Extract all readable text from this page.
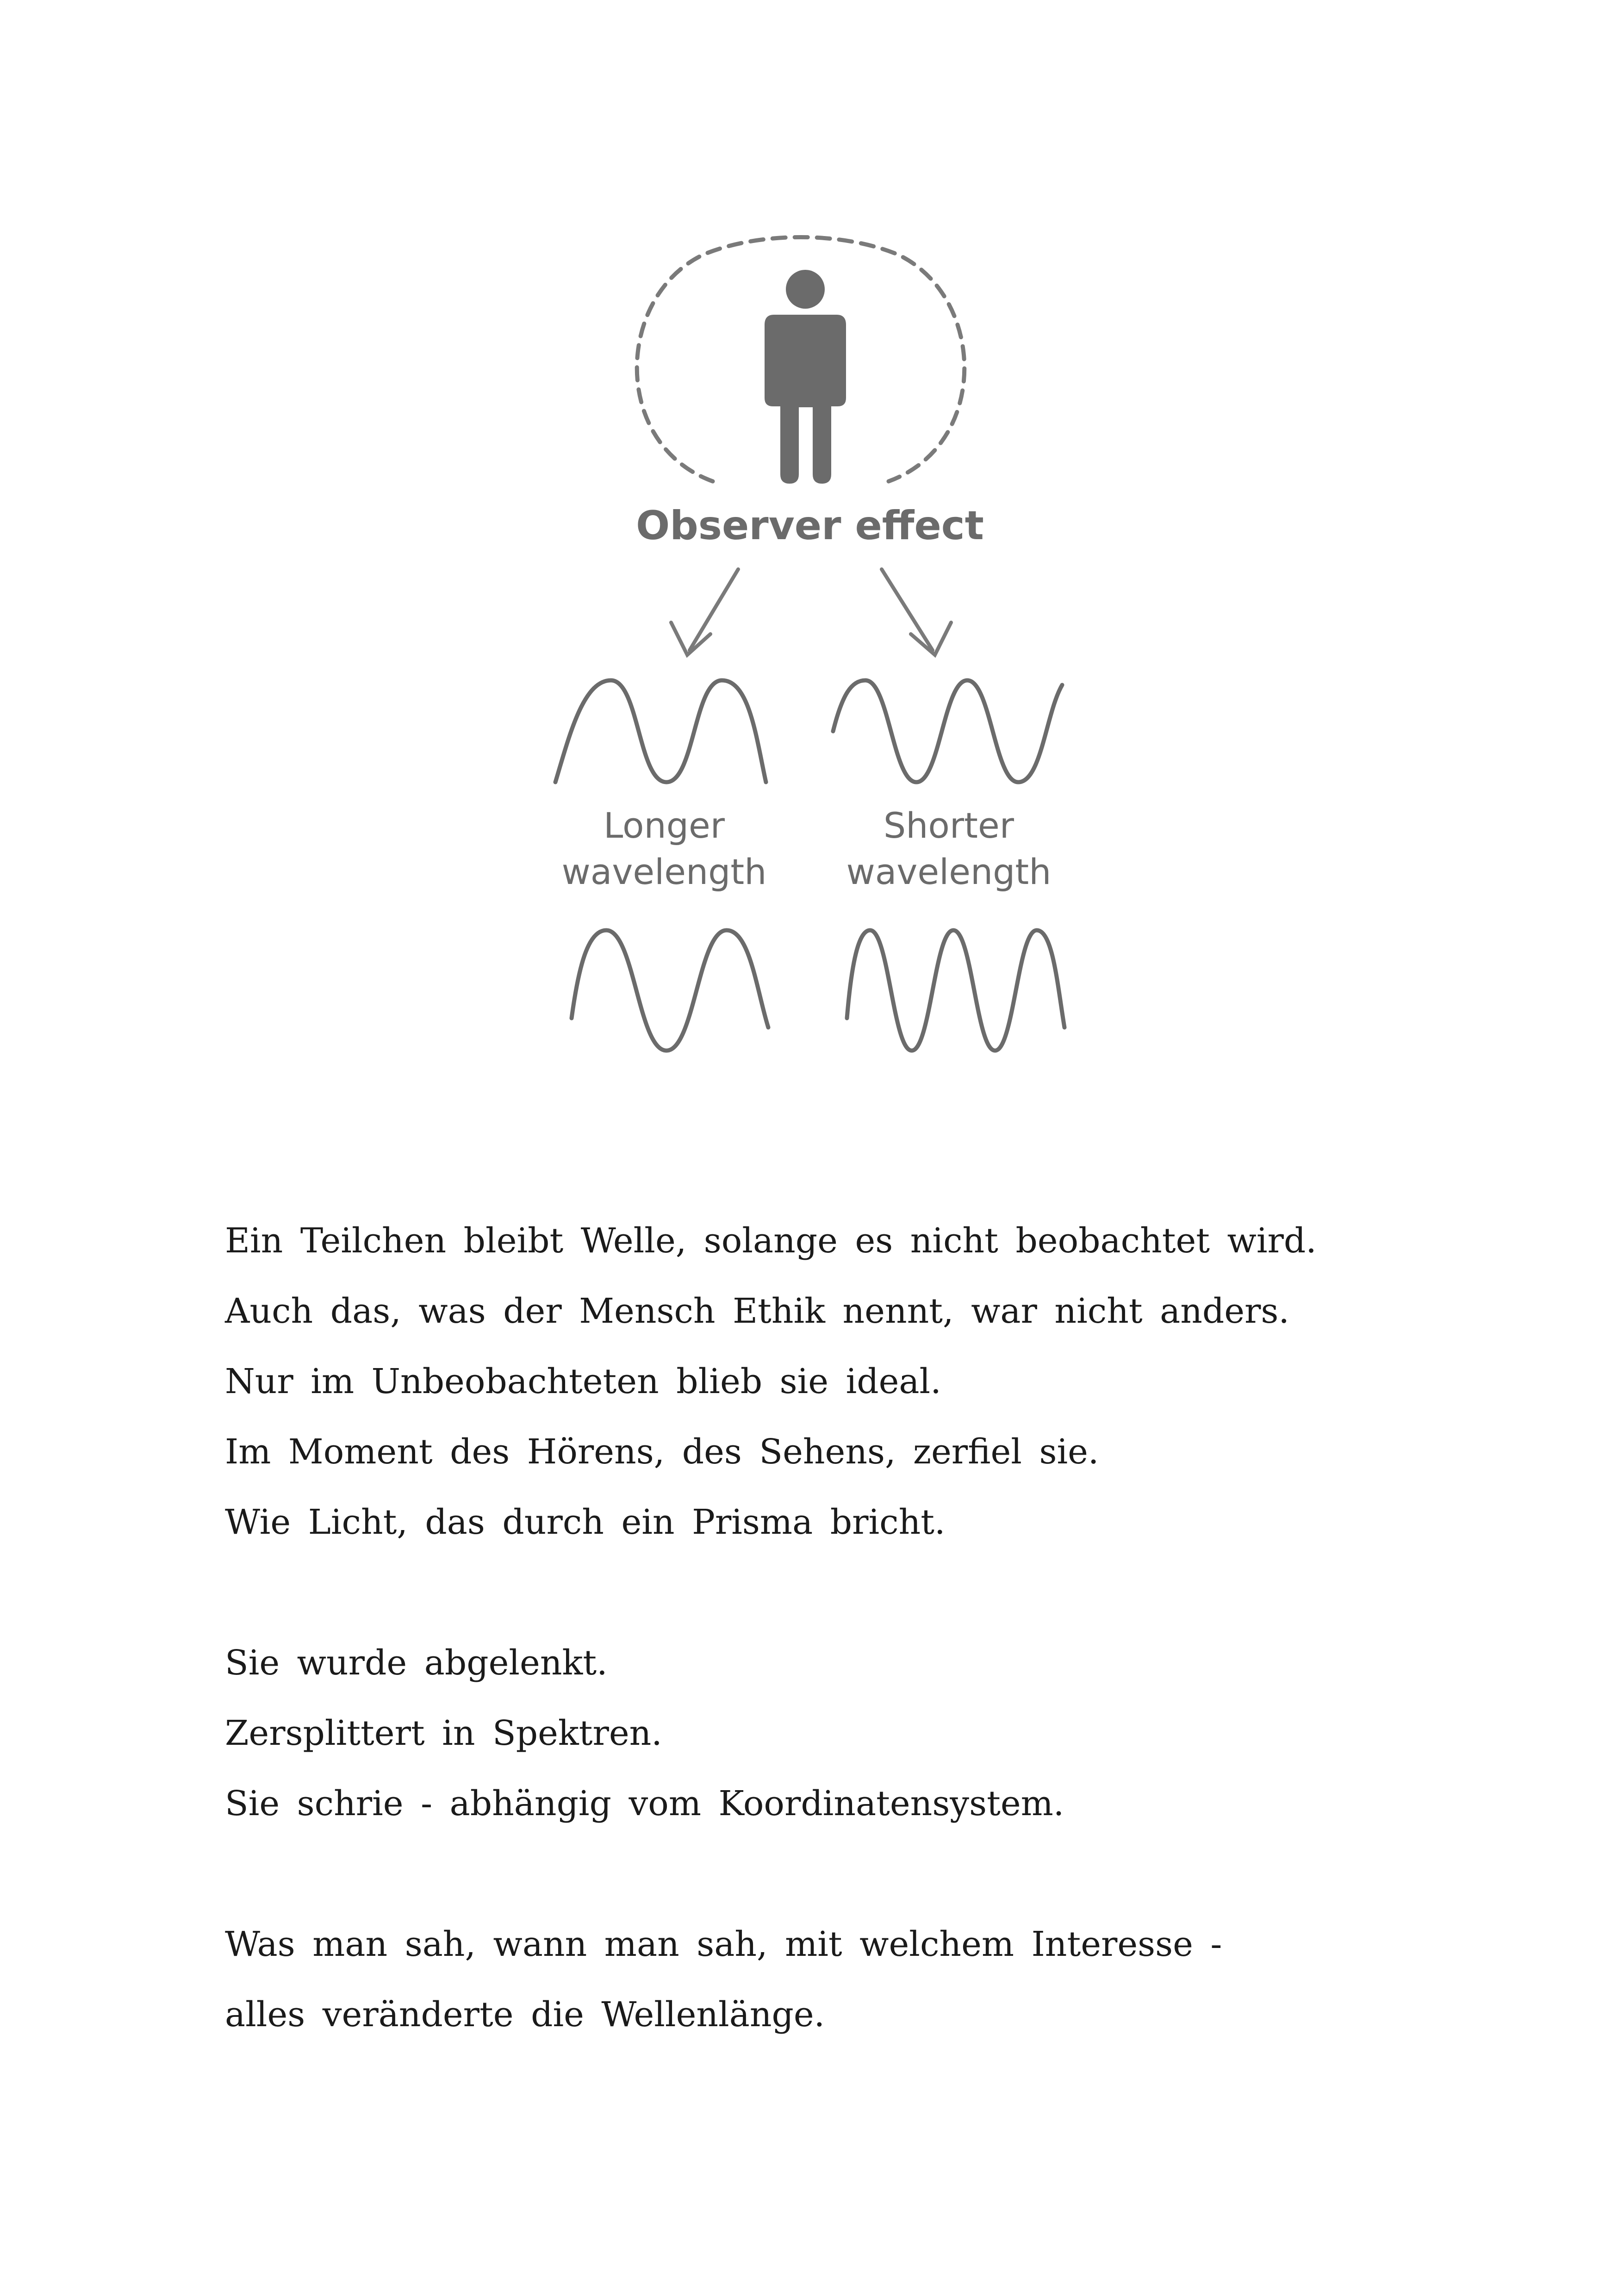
Observer effect
Longer
wavelength
Shorter
wavelength
Ein Teilchen bleibt Welle, solange es nicht beobachtet wird.
Auch das, was der Mensch Ethik nennt, war nicht anders.
Nur im Unbeobachteten blieb sie ideal.
Im Moment des Hörens, des Sehens, zerfiel sie.
Wie Licht, das durch ein Prisma bricht.
Sie wurde abgelenkt.
Zersplittert in Spektren.
Sie schrie - abhängig vom Koordinatensystem.
Was man sah, wann man sah, mit welchem Interesse -
alles veränderte die Wellenlänge.
